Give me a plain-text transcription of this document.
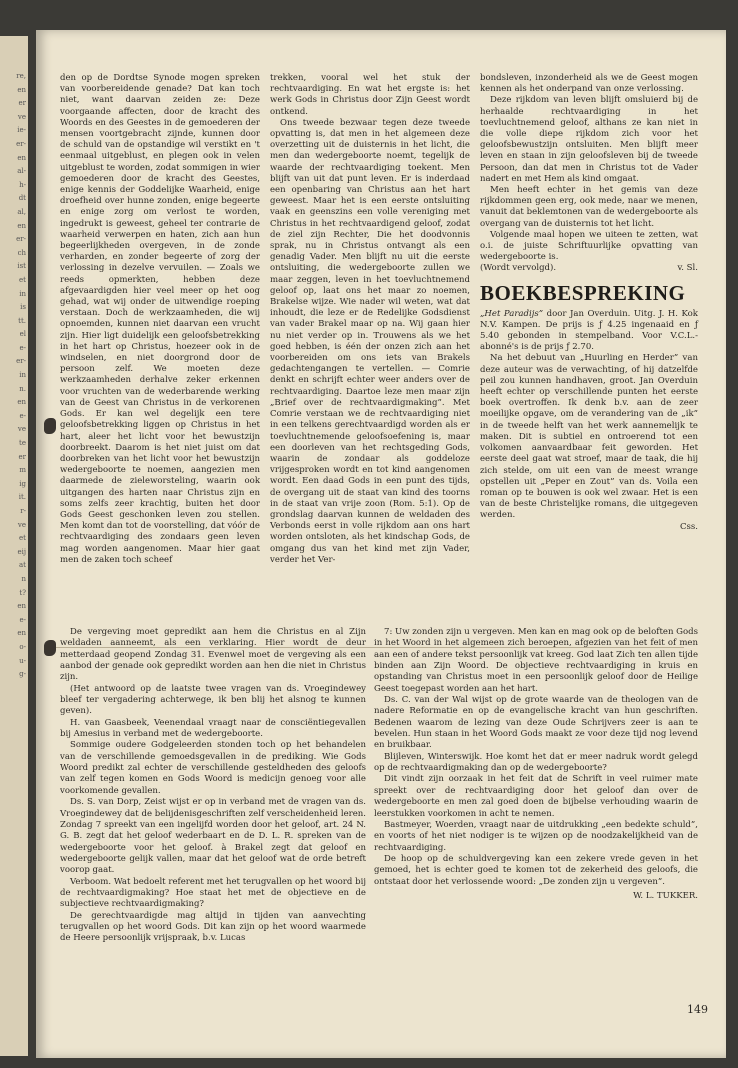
re,
en
er
ve
ie-
er-
en
al-
h-
dt
al,
en
er-
ch
ist
et
in
is
tt.
el
e-
er-
in
n.
en
e-
ve
te
er
m
ig
it.
r-
ve
et
eij
at
n
t?
en
e-
en
o-
u-
g-

den op de Dordtse Synode mogen spreken van voorbereidende genade? Dat kan toch niet, want daarvan zeiden ze: Deze voorgaande affecten, door de kracht des Woords en des Geestes in de gemoederen der mensen voortgebracht zijnde, kunnen door de schuld van de opstandige wil verstikt en 't eenmaal uitgeblust, en plegen ook in velen uitgeblust te worden, zodat sommigen in wier gemoederen door de kracht des Geestes, enige kennis der Goddelijke Waarheid, enige droefheid over hunne zonden, enige begeerte en enige zorg om verlost te worden, ingedrukt is geweest, geheel ter contrarie de waarheid verwerpen en haten, zich aan hun begeerlijkheden overgeven, in de zonde verharden, en zonder begeerte of zorg der verlossing in dezelve vervuilen. — Zoals we reeds opmerkten, hebben deze afgevaardigden hier veel meer op het oog gehad, wat wij onder de uitwendige roeping verstaan. Doch de werkzaamheden, die wij opnoemden, kunnen niet daarvan een vrucht zijn. Hier ligt duidelijk een geloofsbetrekking in het hart op Christus, hoezeer ook in de windselen, en niet doorgrond door de persoon zelf. We moeten deze werkzaamheden derhalve zeker erkennen voor vruchten van de wederbarende werking van de Geest van Christus in de verkorenen Gods. Er kan wel degelijk een tere geloofsbetrekking liggen op Christus in het hart, aleer het licht voor het bewustzijn doorbreekt. Daarom is het niet juist om dat doorbreken van het licht voor het bewustzijn wedergeboorte te noemen, aangezien men daarmede de zieleworsteling, waarin ook uitgangen des harten naar Christus zijn en soms zelfs zeer krachtig, buiten het door Gods Geest geschonken leven zou stellen. Men komt dan tot de voorstelling, dat vóór de rechtvaardiging des zondaars geen leven mag worden aangenomen. Maar hier gaat men de zaken toch scheef

trekken, vooral wel het stuk der rechtvaardiging. En wat het ergste is: het werk Gods in Christus door Zijn Geest wordt ontkend.

Ons tweede bezwaar tegen deze tweede opvatting is, dat men in het algemeen deze overzetting uit de duisternis in het licht, die men dan wedergeboorte noemt, tegelijk de waarde der rechtvaardiging toekent. Men blijft van uit dat punt leven. Er is inderdaad een openbaring van Christus aan het hart geweest. Maar het is een eerste ontsluiting vaak en geenszins een volle vereniging met Christus in het rechtvaardigend geloof, zodat de ziel zijn Rechter, Die het doodvonnis sprak, nu in Christus ontvangt als een genadig Vader. Men blijft nu uit die eerste ontsluiting, die wedergeboorte zullen we maar zeggen, leven in het toevluchtnemend geloof op, laat ons het maar zo noemen, Brakelse wijze. Wie nader wil weten, wat dat inhoudt, die leze er de Redelijke Godsdienst van vader Brakel maar op na. Wij gaan hier nu niet verder op in. Trouwens als we het goed hebben, is één der onzen zich aan het voorbereiden om ons iets van Brakels gedachtengangen te vertellen. — Comrie denkt en schrijft echter weer anders over de rechtvaardiging. Daartoe leze men maar zijn „Brief over de rechtvaardigmaking”. Met Comrie verstaan we de rechtvaardiging niet in een telkens gerechtvaardigd worden als er toevluchtnemende geloofsoefening is, maar een doorleven van het rechtsgeding Gods, waarin de zondaar als goddeloze vrijgesproken wordt en tot kind aangenomen wordt. Een daad Gods in een punt des tijds, de overgang uit de staat van kind des toorns in de staat van vrije zoon (Rom. 5:1). Op de grondslag daarvan kunnen de weldaden des Verbonds eerst in volle rijkdom aan ons hart worden ontsloten, als het kindschap Gods, de omgang dus van het kind met zijn Vader, verder het Ver-

bondsleven, inzonderheid als we de Geest mogen kennen als het onderpand van onze verlossing.

Deze rijkdom van leven blijft omsluierd bij de herhaalde rechtvaardiging in het toevluchtnemend geloof, althans ze kan niet in die volle diepe rijkdom zich voor het geloofsbewustzijn ontsluiten. Men blijft meer leven en staan in zijn geloofsleven bij de tweede Persoon, dan dat men in Christus tot de Vader nadert en met Hem als kind omgaat.

Men heeft echter in het gemis van deze rijkdommen geen erg, ook mede, naar we menen, vanuit dat beklemtonen van de wedergeboorte als overgang van de duisternis tot het licht.

Volgende maal hopen we uiteen te zetten, wat o.i. de juiste Schriftuurlijke opvatting van wedergeboorte is.

(Wordt vervolgd).	v. Sl.

BOEKBESPREKING

„Het Paradijs” door Jan Overduin. Uitg. J. H. Kok N.V. Kampen. De prijs is ƒ 4.25 ingenaaid en ƒ 5.40 gebonden in stempelband. Voor V.C.L.-abonné's is de prijs ƒ 2.70.

Na het debuut van „Huurling en Herder” van deze auteur was de verwachting, of hij datzelfde peil zou kunnen handhaven, groot. Jan Overduin heeft echter op verschillende punten het eerste boek overtroffen. Ik denk b.v. aan de zeer moeilijke opgave, om de verandering van de „ik” in de tweede helft van het werk aannemelijk te maken. Dit is subtiel en ontroerend tot een volkomen aanvaardbaar feit geworden. Het eerste deel gaat wat stroef, maar de taak, die hij zich stelde, om uit een van de meest wrange opstellen uit „Peper en Zout” van ds. Voila een roman op te bouwen is ook wel zwaar. Het is een van de beste Christelijke romans, die uitgegeven werden.

Css.

De vergeving moet gepredikt aan hem die Christus en al Zijn weldaden aanneemt, als een verklaring. Hier wordt de deur metterdaad geopend Zondag 31. Evenwel moet de vergeving als een aanbod der genade ook gepredikt worden aan hen die niet in Christus zijn.

(Het antwoord op de laatste twee vragen van ds. Vroegindewey bleef ter vergadering achterwege, ik ben blij het alsnog te kunnen geven).

H. van Gaasbeek, Veenendaal vraagt naar de consciëntiegevallen bij Amesius in verband met de wedergeboorte.

Sommige oudere Godgeleerden stonden toch op het behandelen van de verschillende gemoedsgevallen in de prediking. Wie Gods Woord predikt zal echter de verschillende gesteldheden des geloofs van zelf tegen komen en Gods Woord is medicijn genoeg voor alle voorkomende gevallen.

Ds. S. van Dorp, Zeist wijst er op in verband met de vragen van ds. Vroegindewey dat de belijdenisgeschriften zelf verscheidenheid leren. Zondag 7 spreekt van een ingelijfd worden door het geloof, art. 24 N. G. B. zegt dat het geloof wederbaart en de D. L. R. spreken van de wedergeboorte voor het geloof. à Brakel zegt dat geloof en wedergeboorte gelijk vallen, maar dat het geloof wat de orde betreft voorop gaat.

Verboom. Wat bedoelt referent met het terugvallen op het woord bij de rechtvaardigmaking? Hoe staat het met de objectieve en de subjectieve rechtvaardigmaking?

De gerechtvaardigde mag altijd in tijden van aanvechting terugvallen op het woord Gods. Dit kan zijn op het woord waarmede de Heere persoonlijk vrijspraak, b.v. Lucas

7: Uw zonden zijn u vergeven. Men kan en mag ook op de beloften Gods in het Woord in het algemeen zich beroepen, afgezien van het feit of men aan een of andere tekst persoonlijk vat kreeg. God laat Zich ten allen tijde binden aan Zijn Woord. De objectieve rechtvaardiging in kruis en opstanding van Christus moet in een persoonlijk geloof door de Heilige Geest toegepast worden aan het hart.

Ds. C. van der Wal wijst op de grote waarde van de theologen van de nadere Reformatie en op de evangelische kracht van hun geschriften. Bedenen waarom de lezing van deze Oude Schrijvers zeer is aan te bevelen. Hun staan in het Woord Gods maakt ze voor deze tijd nog levend en bruikbaar.

Blijleven, Winterswijk. Hoe komt het dat er meer nadruk wordt gelegd op de rechtvaardigmaking dan op de wedergeboorte?

Dit vindt zijn oorzaak in het feit dat de Schrift in veel ruimer mate spreekt over de rechtvaardiging door het geloof dan over de wedergeboorte en men zal goed doen de bijbelse verhouding waarin de leerstukken voorkomen in acht te nemen.

Bastmeyer, Woerden, vraagt naar de uitdrukking „een bedekte schuld”, en voorts of het niet nodiger is te wijzen op de noodzakelijkheid van de rechtvaardiging.

De hoop op de schuldvergeving kan een zekere vrede geven in het gemoed, het is echter goed te komen tot de zekerheid des geloofs, die ontstaat door het verlossende woord: „De zonden zijn u vergeven”.

W. L. TUKKER.

149
